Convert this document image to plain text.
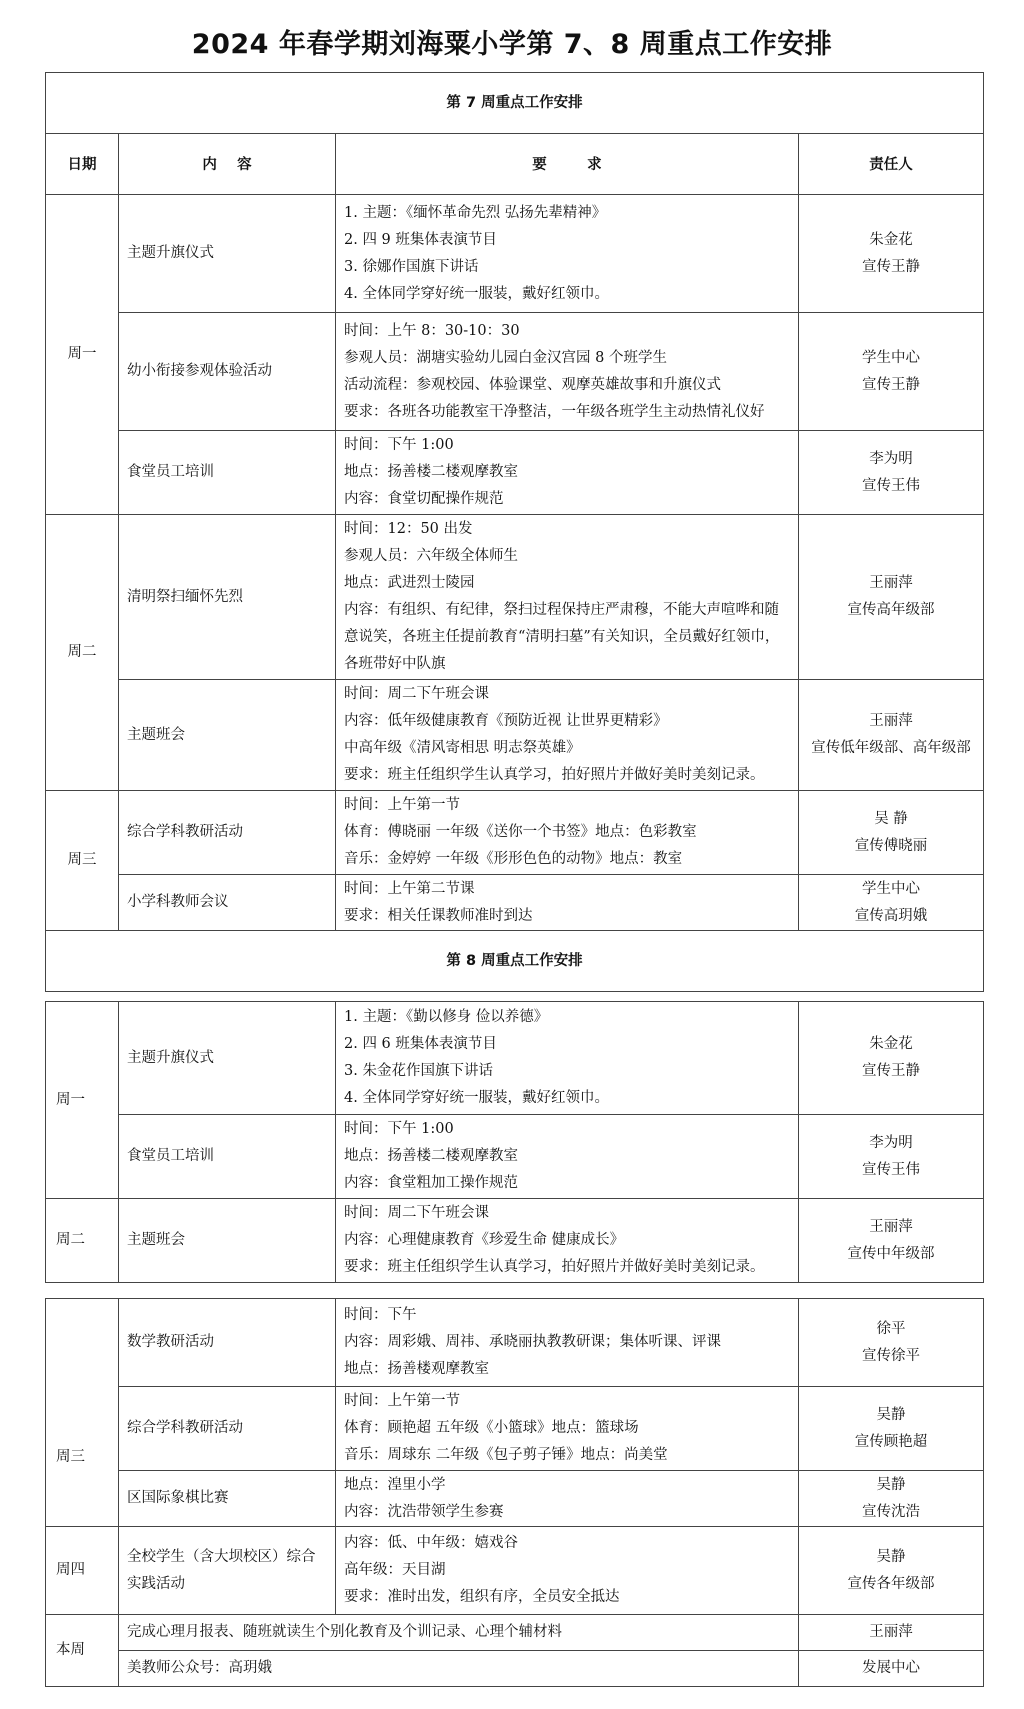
2024 年春学期刘海粟小学第 7、8 周重点工作安排
第 7 周重点工作安排			
日期	内    容	要        求	责任人
周一	主题升旗仪式	1. 主题：《缅怀革命先烈 弘扬先辈精神》
2. 四 9 班集体表演节目
3. 徐娜作国旗下讲话
4. 全体同学穿好统一服装，戴好红领巾。	朱金花
宣传王静

	幼小衔接参观体验活动	时间：上午 8：30-10：30
参观人员：湖塘实验幼儿园白金汉宫园 8 个班学生
活动流程：参观校园、体验课堂、观摩英雄故事和升旗仪式
要求：各班各功能教室干净整洁，一年级各班学生主动热情礼仪好	学生中心
宣传王静

	食堂员工培训	时间：下午 1:00
地点：扬善楼二楼观摩教室
内容：食堂切配操作规范	李为明
宣传王伟

周二	清明祭扫缅怀先烈	时间：12：50 出发
参观人员：六年级全体师生
地点：武进烈士陵园
内容：有组织、有纪律，祭扫过程保持庄严肃穆，不能大声喧哗和随意说笑，各班主任提前教育“清明扫墓”有关知识，全员戴好红领巾，各班带好中队旗	王丽萍
宣传高年级部

	主题班会	时间：周二下午班会课
内容：低年级健康教育《预防近视 让世界更精彩》
中高年级《清风寄相思 明志祭英雄》
要求：班主任组织学生认真学习，拍好照片并做好美时美刻记录。	王丽萍
宣传低年级部、高年级部

周三	综合学科教研活动	时间：上午第一节
体育：傅晓丽 一年级《送你一个书签》地点：色彩教室
音乐：金婷婷 一年级《形形色色的动物》地点：教室	吴 静
宣传傅晓丽

	小学科教师会议	时间：上午第二节课
要求：相关任课教师准时到达	学生中心
宣传高玥娥

第 8 周重点工作安排			
周一	主题升旗仪式	1. 主题：《勤以修身 俭以养德》
2. 四 6 班集体表演节目
3. 朱金花作国旗下讲话
4. 全体同学穿好统一服装，戴好红领巾。	朱金花
宣传王静

	食堂员工培训	时间：下午 1:00
地点：扬善楼二楼观摩教室
内容：食堂粗加工操作规范	李为明
宣传王伟

周二	主题班会	时间：周二下午班会课
内容：心理健康教育《珍爱生命 健康成长》
要求：班主任组织学生认真学习，拍好照片并做好美时美刻记录。	王丽萍
宣传中年级部
周三	数学教研活动	时间：下午
内容：周彩娥、周祎、承晓丽执教教研课；集体听课、评课
地点：扬善楼观摩教室	徐平
宣传徐平

	综合学科教研活动	时间：上午第一节
体育：顾艳超 五年级《小篮球》地点：篮球场
音乐：周球东 二年级《包子剪子锤》地点：尚美堂	吴静
宣传顾艳超

	区国际象棋比赛	地点：湟里小学
内容：沈浩带领学生参赛	吴静
宣传沈浩

周四	全校学生（含大坝校区）综合实践活动	内容：低、中年级：嬉戏谷
高年级：天目湖
要求：准时出发，组织有序，全员安全抵达	吴静
宣传各年级部

本周	完成心理月报表、随班就读生个别化教育及个训记录、心理个辅材料		王丽萍
	美教师公众号：高玥娥		发展中心
